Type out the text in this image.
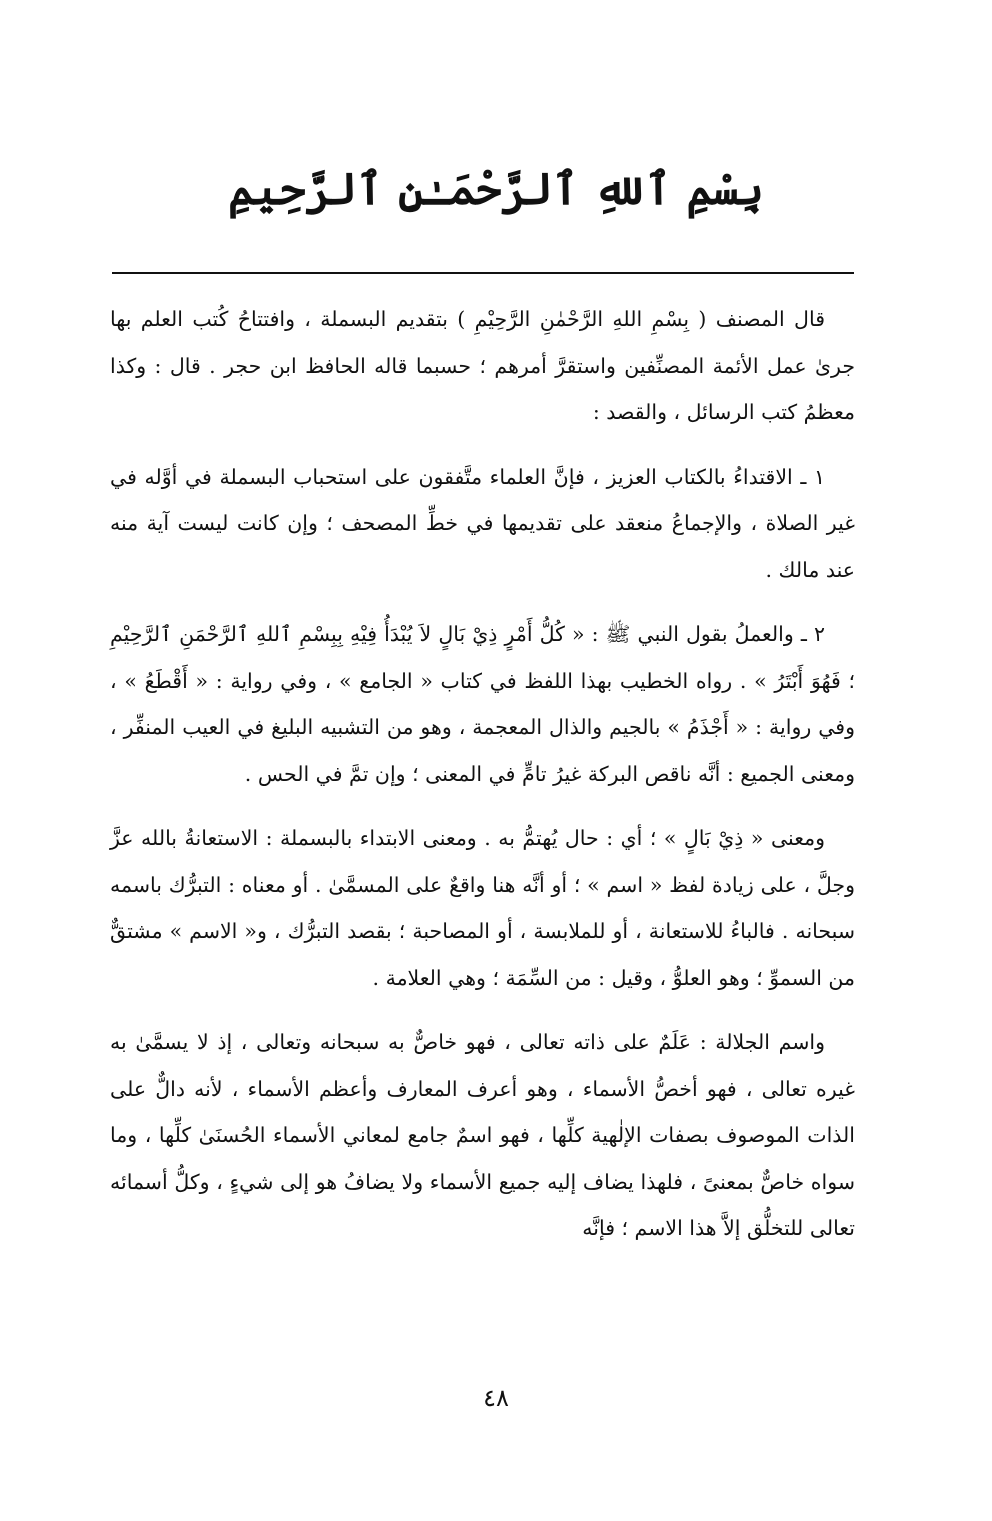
بِسْمِ ٱللهِ ٱلرَّحْمَـٰنِ ٱلرَّحِيمِ

قال المصنف ( بِسْمِ اللهِ الرَّحْمٰنِ الرَّحِيْمِ ) بتقديم البسملة ، وافتتاحُ كُتب العلم بها جرىٰ عمل الأئمة المصنِّفين واستقرَّ أمرهم ؛ حسبما قاله الحافظ ابن حجر . قال : وكذا معظمُ كتب الرسائل ، والقصد :

١ ـ الاقتداءُ بالكتاب العزيز ، فإنَّ العلماء متَّفقون على استحباب البسملة في أوَّله في غير الصلاة ، والإجماعُ منعقد على تقديمها في خطِّ المصحف ؛ وإن كانت ليست آية منه عند مالك .

٢ ـ والعملُ بقول النبي ﷺ : « كُلُّ أَمْرٍ ذِيْ بَالٍ لاَ يُبْدَأُ فِيْهِ بِبِسْمِ ٱللهِ ٱلرَّحْمَنِ ٱلرَّحِيْمِ ؛ فَهُوَ أَبْتَرُ » . رواه الخطيب بهذا اللفظ في كتاب « الجامع » ، وفي رواية : « أَقْطَعُ » ، وفي رواية : « أَجْذَمُ » بالجيم والذال المعجمة ، وهو من التشبيه البليغ في العيب المنفِّر ، ومعنى الجميع : أنَّه ناقص البركة غيرُ تامٍّ في المعنى ؛ وإن تمَّ في الحس .

ومعنى « ذِيْ بَالٍ » ؛ أي : حال يُهتمُّ به . ومعنى الابتداء بالبسملة : الاستعانةُ بالله عزَّ وجلَّ ، على زيادة لفظ « اسم » ؛ أو أنَّه هنا واقعٌ على المسمَّىٰ . أو معناه : التبرُّك باسمه سبحانه . فالباءُ للاستعانة ، أو للملابسة ، أو المصاحبة ؛ بقصد التبرُّك ، و« الاسم » مشتقٌّ من السموِّ ؛ وهو العلوُّ ، وقيل : من السِّمَة ؛ وهي العلامة .

واسم الجلالة : عَلَمٌ على ذاته تعالى ، فهو خاصٌّ به سبحانه وتعالى ، إذ لا يسمَّىٰ به غيره تعالى ، فهو أخصُّ الأسماء ، وهو أعرف المعارف وأعظم الأسماء ، لأنه دالٌّ على الذات الموصوف بصفات الإلٰهية كلِّها ، فهو اسمٌ جامع لمعاني الأسماء الحُسنَىٰ كلِّها ، وما سواه خاصٌّ بمعنىً ، فلهذا يضاف إليه جميع الأسماء ولا يضافُ هو إلى شيءٍ ، وكلُّ أسمائه تعالى للتخلُّق إلاَّ هذا الاسم ؛ فإنَّه

٤٨
